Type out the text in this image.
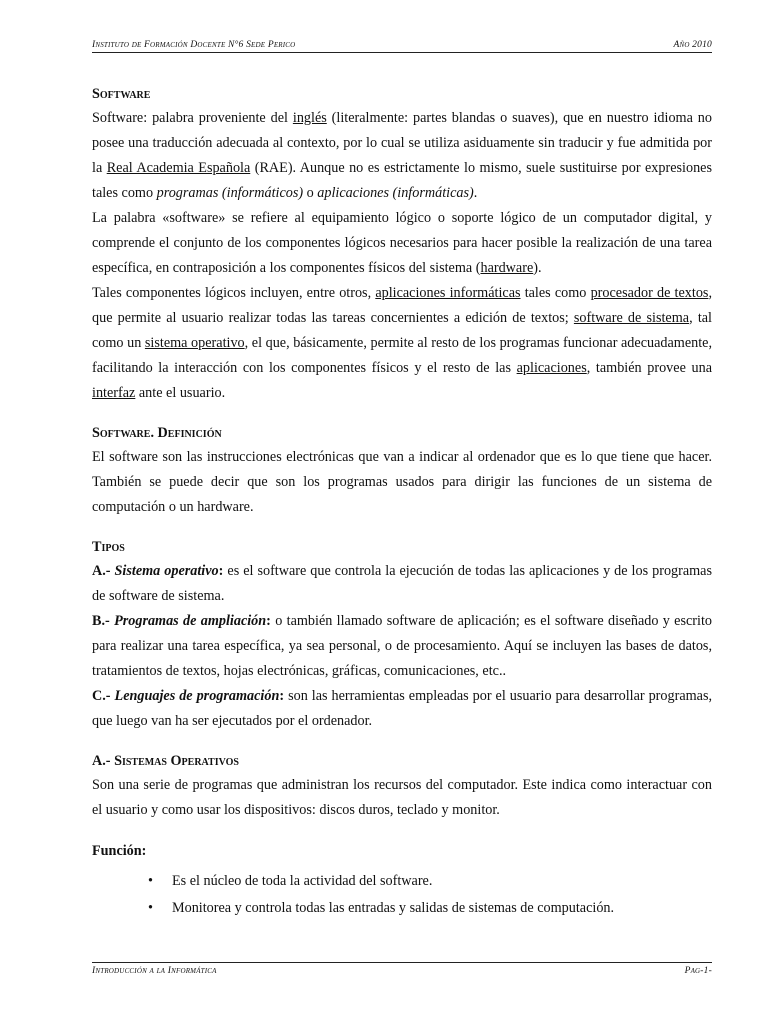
Instituto de Formación Docente N°6 Sede Perico	Año 2010
Software

Software: palabra proveniente del inglés (literalmente: partes blandas o suaves), que en nuestro idioma no posee una traducción adecuada al contexto, por lo cual se utiliza asiduamente sin traducir y fue admitida por la Real Academia Española (RAE). Aunque no es estrictamente lo mismo, suele sustituirse por expresiones tales como programas (informáticos) o aplicaciones (informáticas).

La palabra «software» se refiere al equipamiento lógico o soporte lógico de un computador digital, y comprende el conjunto de los componentes lógicos necesarios para hacer posible la realización de una tarea específica, en contraposición a los componentes físicos del sistema (hardware).

Tales componentes lógicos incluyen, entre otros, aplicaciones informáticas tales como procesador de textos, que permite al usuario realizar todas las tareas concernientes a edición de textos; software de sistema, tal como un sistema operativo, el que, básicamente, permite al resto de los programas funcionar adecuadamente, facilitando la interacción con los componentes físicos y el resto de las aplicaciones, también provee una interfaz ante el usuario.

Software. Definición

El software son las instrucciones electrónicas que van a indicar al ordenador que es lo que tiene que hacer. También se puede decir que son los programas usados para dirigir las funciones de un sistema de computación o un hardware.

Tipos

A.- Sistema operativo: es el software que controla la ejecución de todas las aplicaciones y de los programas de software de sistema.

B.- Programas de ampliación: o también llamado software de aplicación; es el software diseñado y escrito para realizar una tarea específica, ya sea personal, o de procesamiento. Aquí se incluyen las bases de datos, tratamientos de textos, hojas electrónicas, gráficas, comunicaciones, etc..

C.- Lenguajes de programación: son las herramientas empleadas por el usuario para desarrollar programas, que luego van ha ser ejecutados por el ordenador.

A.- Sistemas Operativos

Son una serie de programas que administran los recursos del computador. Este indica como interactuar con el usuario y como usar los dispositivos: discos duros, teclado y monitor.

Función:
• Es el núcleo de toda la actividad del software.
• Monitorea y controla todas las entradas y salidas de sistemas de computación.
Introducción a la Informática	Pag-1-
